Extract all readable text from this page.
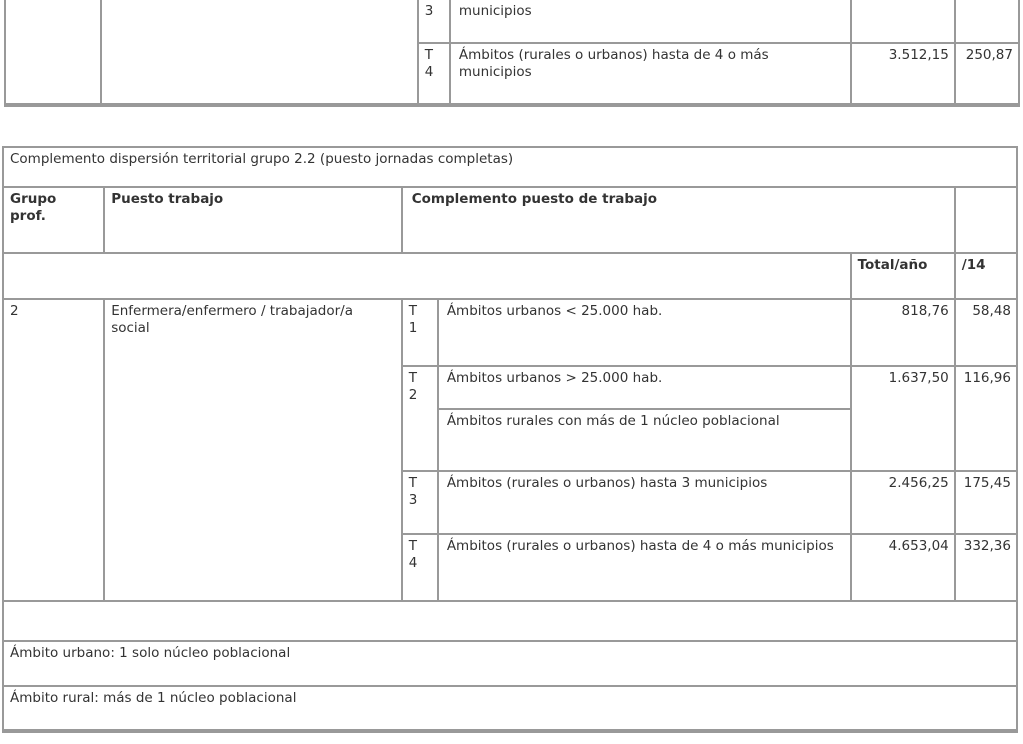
		3	municipios		

		T 4	Ámbitos (rurales o urbanos) hasta de 4 o más municipios	3.512,15	250,87
Complemento dispersión territorial grupo 2.2 (puesto jornadas completas)					

Grupo prof.	Puesto trabajo	Complemento puesto de trabajo			
				Total/año	/14
2	Enfermera/enfermero / trabajador/a social	T 1	Ámbitos urbanos < 25.000 hab.	818,76	58,48

		T 2	Ámbitos urbanos > 25.000 hab.	1.637,50	116,96

			Ámbitos rurales con más de 1 núcleo poblacional		

		T 3	Ámbitos (rurales o urbanos) hasta 3 municipios	2.456,25	175,45

		T 4	Ámbitos (rurales o urbanos) hasta de 4 o más municipios	4.653,04	332,36

Ámbito urbano: 1 solo núcleo poblacional					
Ámbito rural: más de 1 núcleo poblacional					
